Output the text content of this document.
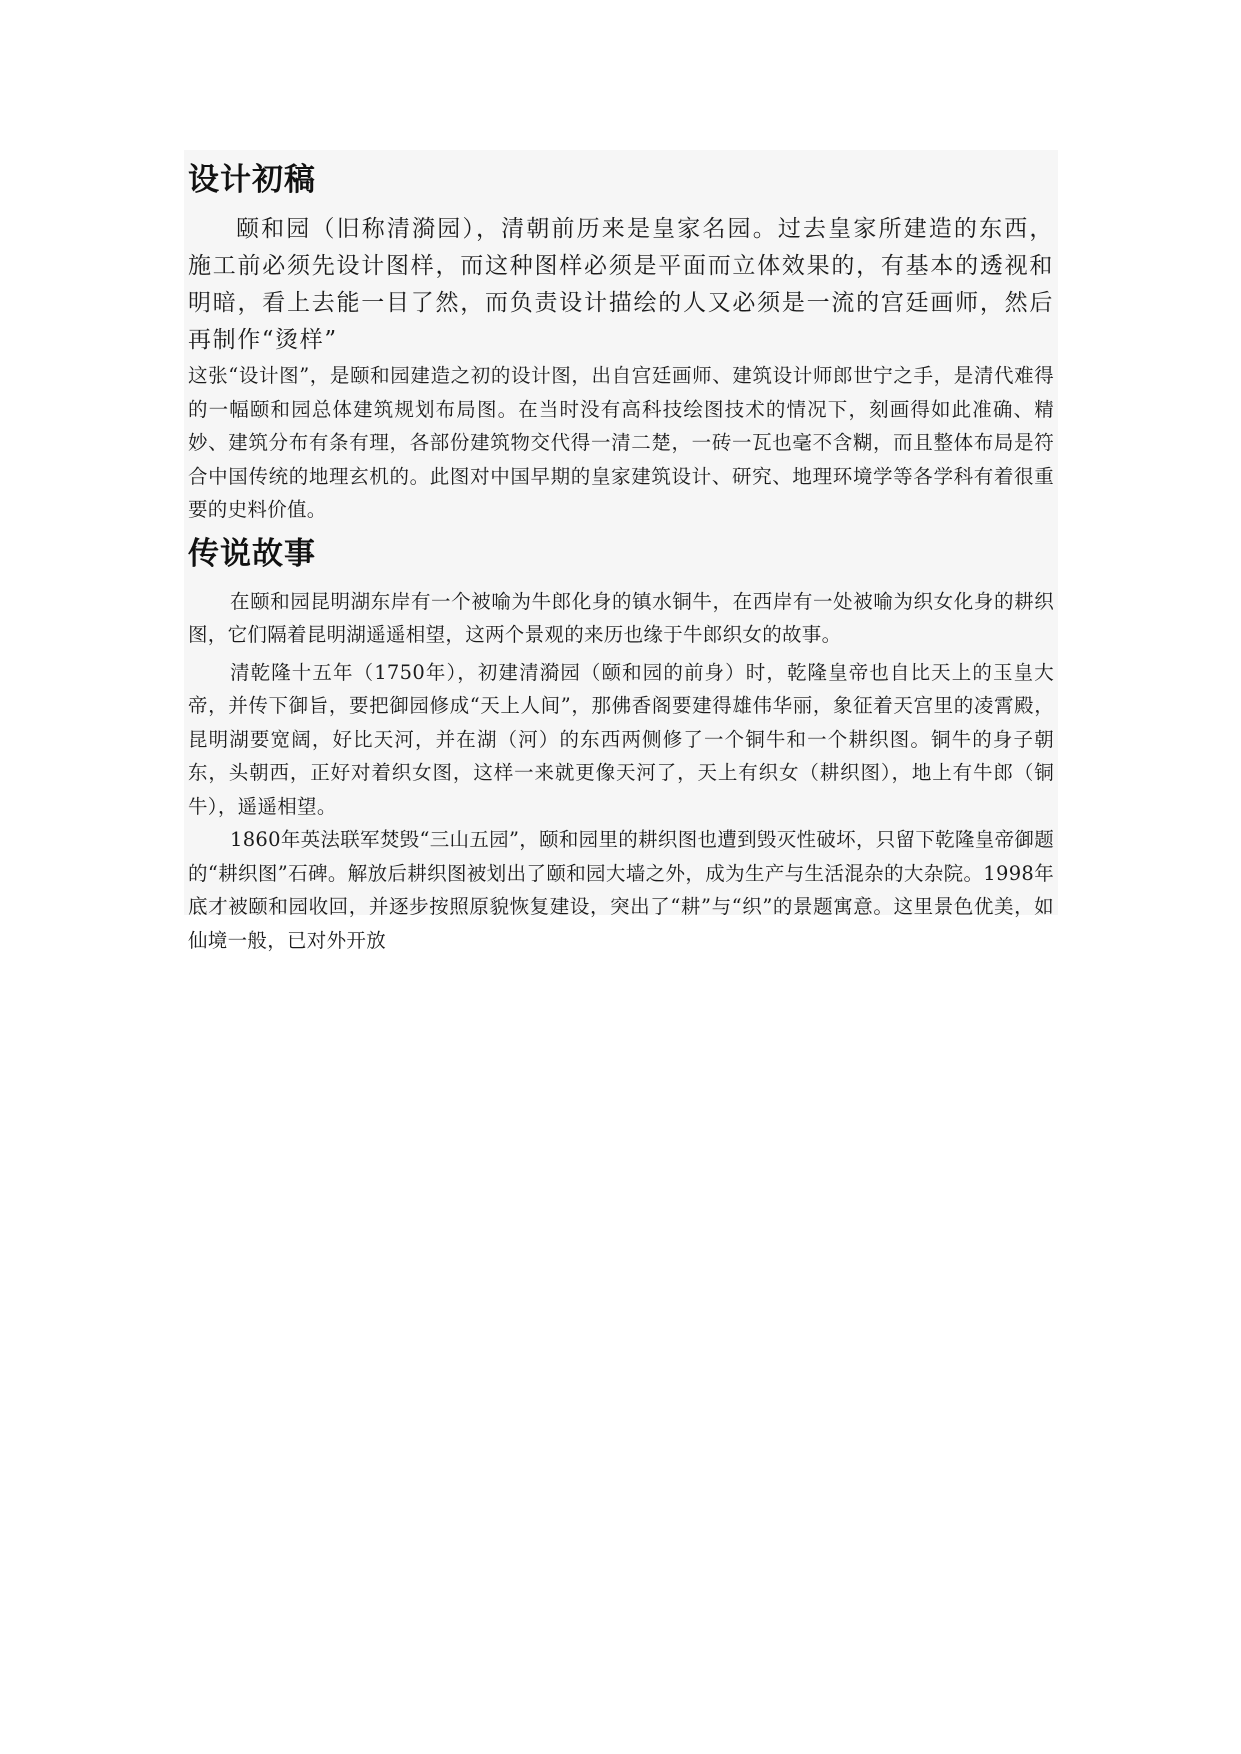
设计初稿

颐和园（旧称清漪园），清朝前历来是皇家名园。过去皇家所建造的东西，施工前必须先设计图样，而这种图样必须是平面而立体效果的，有基本的透视和明暗，看上去能一目了然，而负责设计描绘的人又必须是一流的宫廷画师，然后再制作“烫样”

这张“设计图”，是颐和园建造之初的设计图，出自宫廷画师、建筑设计师郎世宁之手，是清代难得的一幅颐和园总体建筑规划布局图。在当时没有高科技绘图技术的情况下，刻画得如此准确、精妙、建筑分布有条有理，各部份建筑物交代得一清二楚，一砖一瓦也毫不含糊，而且整体布局是符合中国传统的地理玄机的。此图对中国早期的皇家建筑设计、研究、地理环境学等各学科有着很重要的史料价值。

传说故事

在颐和园昆明湖东岸有一个被喻为牛郎化身的镇水铜牛，在西岸有一处被喻为织女化身的耕织图，它们隔着昆明湖遥遥相望，这两个景观的来历也缘于牛郎织女的故事。

清乾隆十五年（1750年），初建清漪园（颐和园的前身）时，乾隆皇帝也自比天上的玉皇大帝，并传下御旨，要把御园修成“天上人间”，那佛香阁要建得雄伟华丽，象征着天宫里的凌霄殿，昆明湖要宽阔，好比天河，并在湖（河）的东西两侧修了一个铜牛和一个耕织图。铜牛的身子朝东，头朝西，正好对着织女图，这样一来就更像天河了，天上有织女（耕织图），地上有牛郎（铜牛），遥遥相望。

1860年英法联军焚毁“三山五园”，颐和园里的耕织图也遭到毁灭性破坏，只留下乾隆皇帝御题的“耕织图”石碑。解放后耕织图被划出了颐和园大墙之外，成为生产与生活混杂的大杂院。1998年底才被颐和园收回，并逐步按照原貌恢复建设，突出了“耕”与“织”的景题寓意。这里景色优美，如仙境一般，已对外开放
